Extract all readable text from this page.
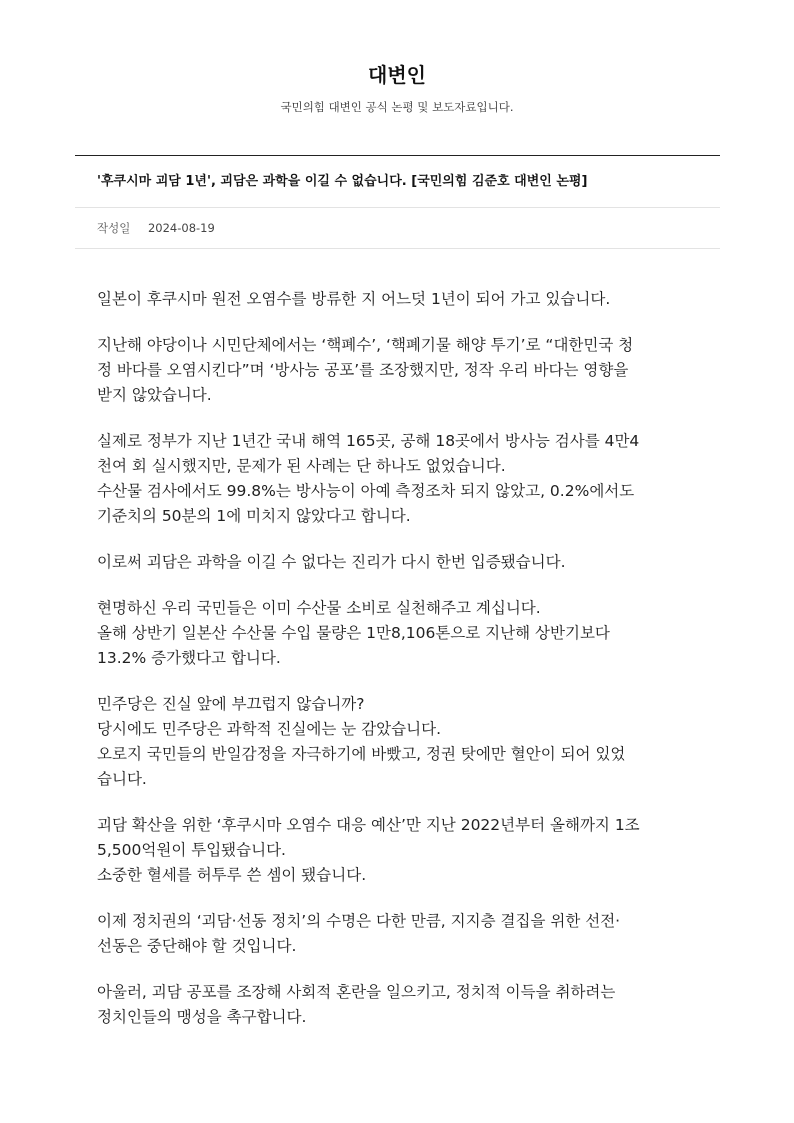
대변인
국민의힘 대변인 공식 논평 및 보도자료입니다.
'후쿠시마 괴담 1년', 괴담은 과학을 이길 수 없습니다. [국민의힘 김준호 대변인 논평]
작성일 2024-08-19

일본이 후쿠시마 원전 오염수를 방류한 지 어느덧 1년이 되어 가고 있습니다.

지난해 야당이나 시민단체에서는 ‘핵폐수’, ‘핵폐기물 해양 투기’로 “대한민국 청
정 바다를 오염시킨다”며 ‘방사능 공포’를 조장했지만, 정작 우리 바다는 영향을
받지 않았습니다.

실제로 정부가 지난 1년간 국내 해역 165곳, 공해 18곳에서 방사능 검사를 4만4
천여 회 실시했지만, 문제가 된 사례는 단 하나도 없었습니다.
수산물 검사에서도 99.8%는 방사능이 아예 측정조차 되지 않았고, 0.2%에서도
기준치의 50분의 1에 미치지 않았다고 합니다.

이로써 괴담은 과학을 이길 수 없다는 진리가 다시 한번 입증됐습니다.

현명하신 우리 국민들은 이미 수산물 소비로 실천해주고 계십니다.
올해 상반기 일본산 수산물 수입 물량은 1만8,106톤으로 지난해 상반기보다
13.2% 증가했다고 합니다.

민주당은 진실 앞에 부끄럽지 않습니까?
당시에도 민주당은 과학적 진실에는 눈 감았습니다.
오로지 국민들의 반일감정을 자극하기에 바빴고, 정권 탓에만 혈안이 되어 있었
습니다.

괴담 확산을 위한 ‘후쿠시마 오염수 대응 예산’만 지난 2022년부터 올해까지 1조
5,500억원이 투입됐습니다.
소중한 혈세를 허투루 쓴 셈이 됐습니다.

이제 정치권의 ‘괴담·선동 정치’의 수명은 다한 만큼, 지지층 결집을 위한 선전·
선동은 중단해야 할 것입니다.

아울러, 괴담 공포를 조장해 사회적 혼란을 일으키고, 정치적 이득을 취하려는
정치인들의 맹성을 촉구합니다.
